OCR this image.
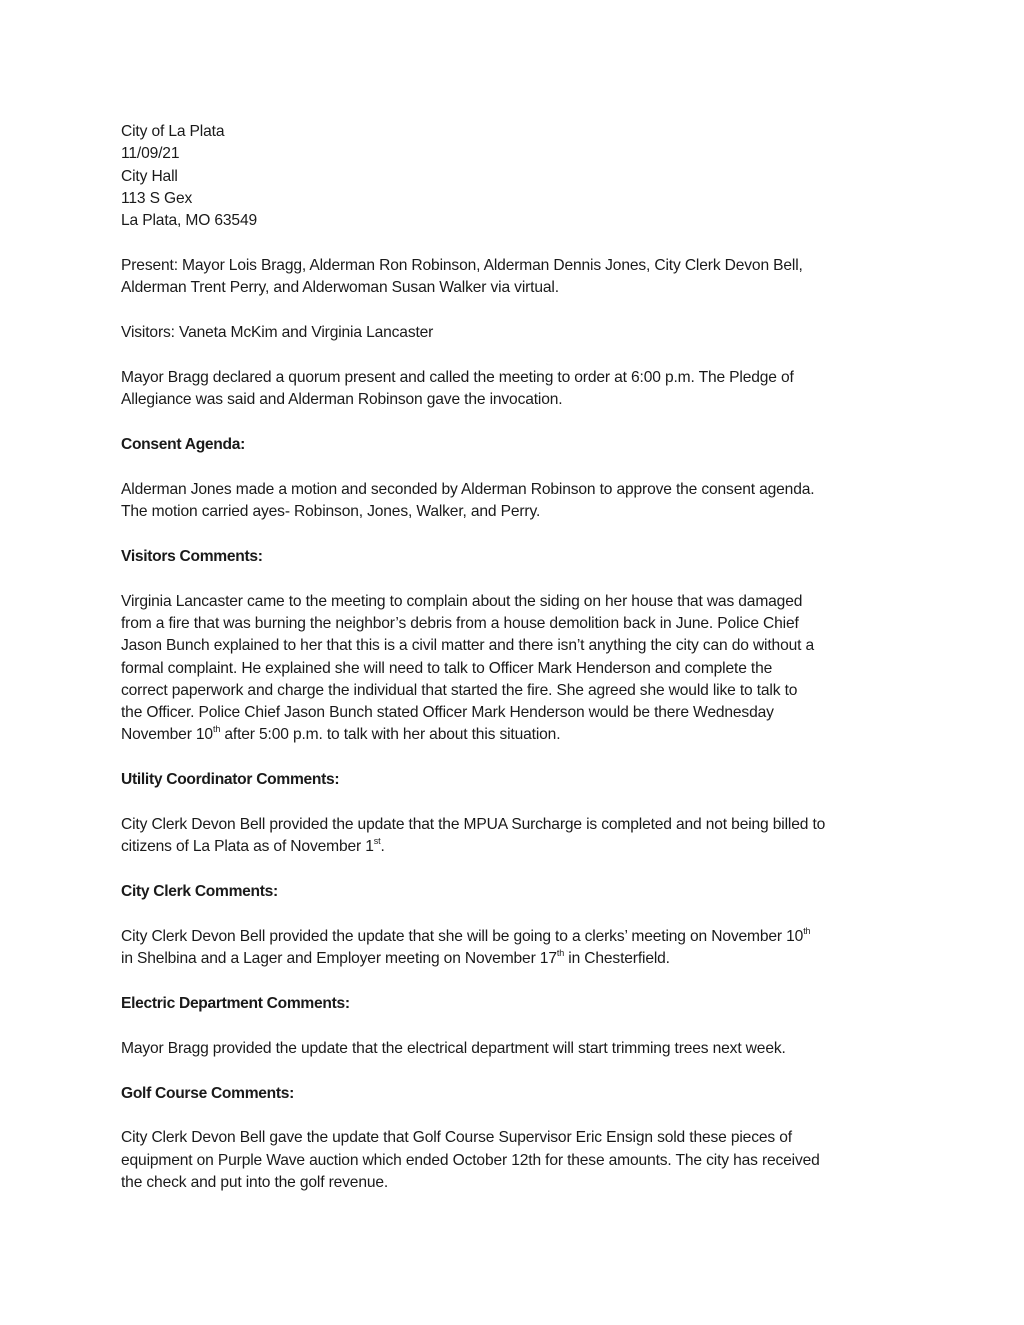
City of La Plata
11/09/21
City Hall
113 S Gex
La Plata, MO 63549

Present: Mayor Lois Bragg, Alderman Ron Robinson, Alderman Dennis Jones, City Clerk Devon Bell,
Alderman Trent Perry, and Alderwoman Susan Walker via virtual.

Visitors: Vaneta McKim and Virginia Lancaster

Mayor Bragg declared a quorum present and called the meeting to order at 6:00 p.m. The Pledge of
Allegiance was said and Alderman Robinson gave the invocation.

Consent Agenda:

Alderman Jones made a motion and seconded by Alderman Robinson to approve the consent agenda.
The motion carried ayes- Robinson, Jones, Walker, and Perry.

Visitors Comments:

Virginia Lancaster came to the meeting to complain about the siding on her house that was damaged
from a fire that was burning the neighbor’s debris from a house demolition back in June. Police Chief
Jason Bunch explained to her that this is a civil matter and there isn’t anything the city can do without a
formal complaint. He explained she will need to talk to Officer Mark Henderson and complete the
correct paperwork and charge the individual that started the fire. She agreed she would like to talk to
the Officer. Police Chief Jason Bunch stated Officer Mark Henderson would be there Wednesday
November 10th after 5:00 p.m. to talk with her about this situation.

Utility Coordinator Comments:

City Clerk Devon Bell provided the update that the MPUA Surcharge is completed and not being billed to
citizens of La Plata as of November 1st.

City Clerk Comments:

City Clerk Devon Bell provided the update that she will be going to a clerks’ meeting on November 10th
in Shelbina and a Lager and Employer meeting on November 17th in Chesterfield.

Electric Department Comments:

Mayor Bragg provided the update that the electrical department will start trimming trees next week.

Golf Course Comments:

City Clerk Devon Bell gave the update that Golf Course Supervisor Eric Ensign sold these pieces of
equipment on Purple Wave auction which ended October 12th for these amounts. The city has received
the check and put into the golf revenue.
